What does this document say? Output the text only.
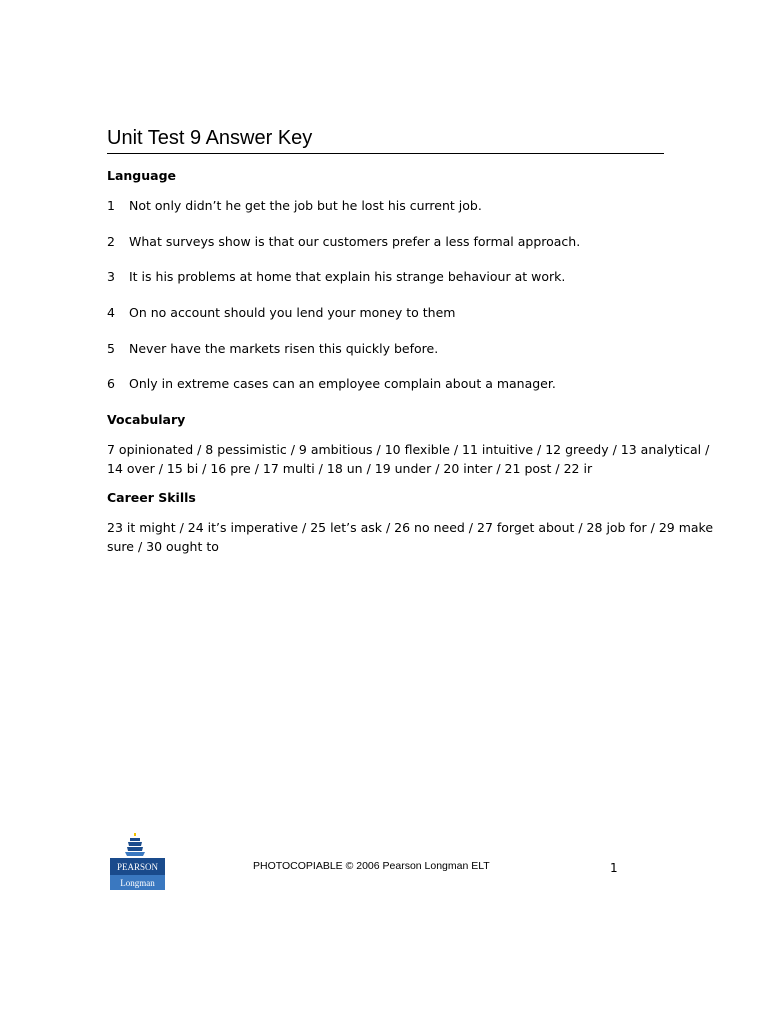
Unit Test 9 Answer Key
Language
1 Not only didn’t he get the job but he lost his current job.
2 What surveys show is that our customers prefer a less formal approach.
3 It is his problems at home that explain his strange behaviour at work.
4 On no account should you lend your money to them
5 Never have the markets risen this quickly before.
6 Only in extreme cases can an employee complain about a manager.
Vocabulary
7 opinionated / 8 pessimistic / 9 ambitious / 10 flexible / 11 intuitive / 12 greedy / 13 analytical /
14 over / 15 bi / 16 pre / 17 multi / 18 un / 19 under / 20 inter / 21 post / 22 ir
Career Skills
23 it might / 24 it’s imperative / 25 let’s ask / 26 no need / 27 forget about / 28 job for / 29 make
sure / 30 ought to
PEARSON
Longman
PHOTOCOPIABLE © 2006 Pearson Longman ELT	1
